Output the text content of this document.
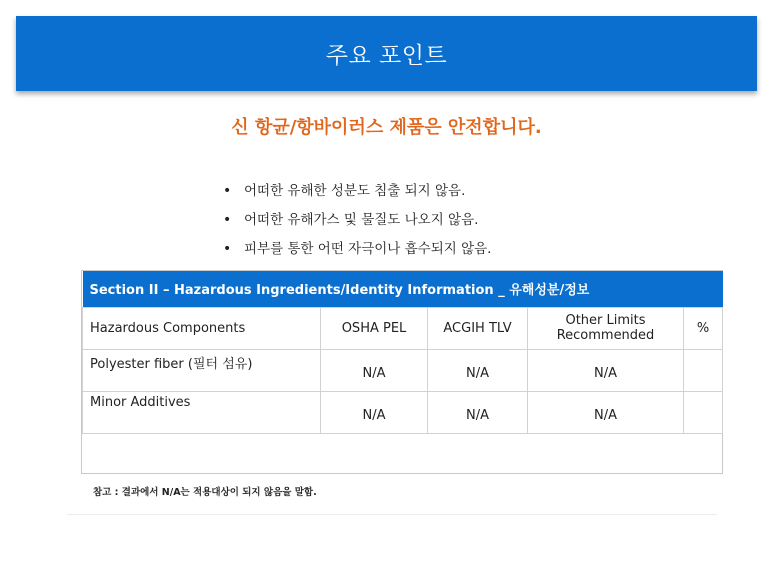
주요 포인트
신 항균/항바이러스 제품은 안전합니다.
• 어떠한 유해한 성분도 침출 되지 않음.
• 어떠한 유해가스 및 물질도 나오지 않음.
• 피부를 통한 어떤 자극이나 흡수되지 않음.
Section II – Hazardous Ingredients/Identity Information _ 유해성분/정보				
Hazardous Components	OSHA PEL	ACGIH TLV	Other Limits Recommended	%
Polyester fiber (필터 섬유)	N/A	N/A	N/A	
Minor Additives	N/A	N/A	N/A	

참고 : 결과에서 N/A는 적용대상이 되지 않음을 말함.
